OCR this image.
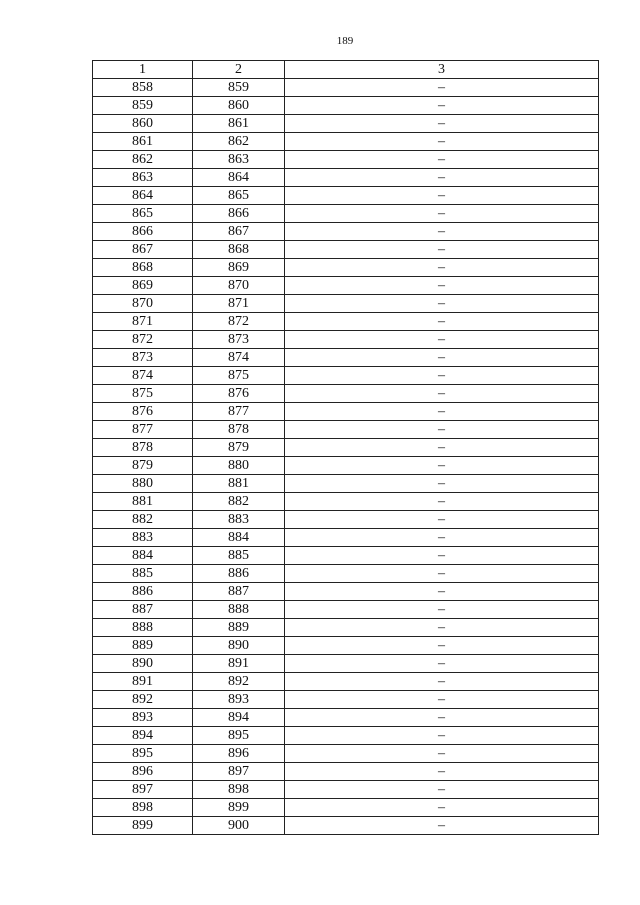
189
1	2	3
858	859	–
859	860	–
860	861	–
861	862	–
862	863	–
863	864	–
864	865	–
865	866	–
866	867	–
867	868	–
868	869	–
869	870	–
870	871	–
871	872	–
872	873	–
873	874	–
874	875	–
875	876	–
876	877	–
877	878	–
878	879	–
879	880	–
880	881	–
881	882	–
882	883	–
883	884	–
884	885	–
885	886	–
886	887	–
887	888	–
888	889	–
889	890	–
890	891	–
891	892	–
892	893	–
893	894	–
894	895	–
895	896	–
896	897	–
897	898	–
898	899	–
899	900	–
